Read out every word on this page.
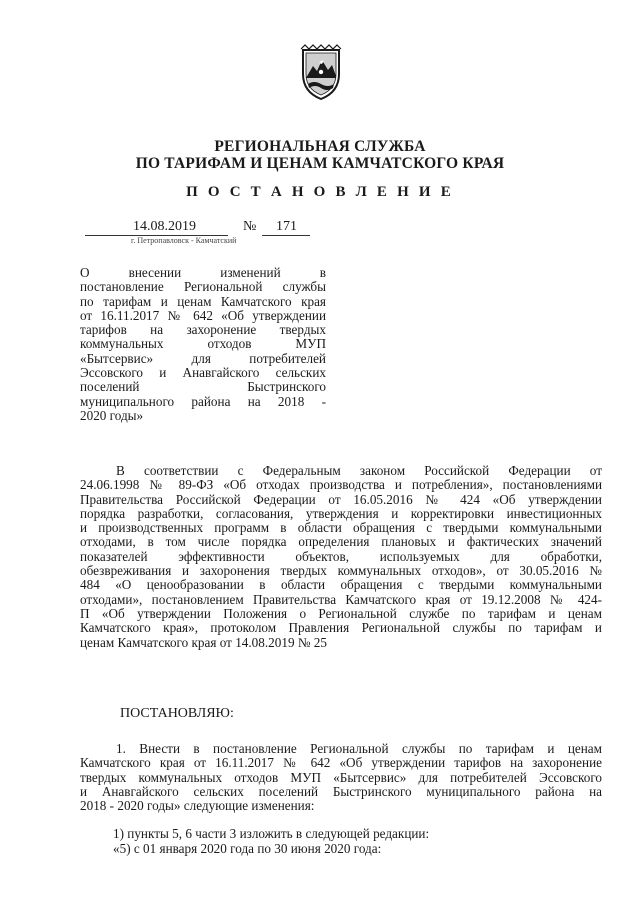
РЕГИОНАЛЬНАЯ СЛУЖБА
ПО ТАРИФАМ И ЦЕНАМ КАМЧАТСКОГО КРАЯ
П О С Т А Н О В Л Е Н И Е
14.08.2019	№ 171
г. Петропавловск - Камчатский
О внесении изменений в
постановление Региональной службы
по тарифам и ценам Камчатского края
от 16.11.2017 № 642 «Об утверждении
тарифов на захоронение твердых
коммунальных отходов МУП
«Бытсервис» для потребителей
Эссовского и Анавгайского сельских
поселений Быстринского
муниципального района на 2018 -
2020 годы»
В соответствии с Федеральным законом Российской Федерации от
24.06.1998 № 89-ФЗ «Об отходах производства и потребления», постановлениями
Правительства Российской Федерации от 16.05.2016 № 424 «Об утверждении
порядка разработки, согласования, утверждения и корректировки инвестиционных
и производственных программ в области обращения с твердыми коммунальными
отходами, в том числе порядка определения плановых и фактических значений
показателей эффективности объектов, используемых для обработки,
обезвреживания и захоронения твердых коммунальных отходов», от 30.05.2016 №
484 «О ценообразовании в области обращения с твердыми коммунальными
отходами», постановлением Правительства Камчатского края от 19.12.2008 № 424-
П «Об утверждении Положения о Региональной службе по тарифам и ценам
Камчатского края», протоколом Правления Региональной службы по тарифам и
ценам Камчатского края от 14.08.2019 № 25
ПОСТАНОВЛЯЮ:
1. Внести в постановление Региональной службы по тарифам и ценам
Камчатского края от 16.11.2017 № 642 «Об утверждении тарифов на захоронение
твердых коммунальных отходов МУП «Бытсервис» для потребителей Эссовского
и Анавгайского сельских поселений Быстринского муниципального района на
2018 - 2020 годы» следующие изменения:
1) пункты 5, 6 части 3 изложить в следующей редакции:
«5) с 01 января 2020 года по 30 июня 2020 года:
